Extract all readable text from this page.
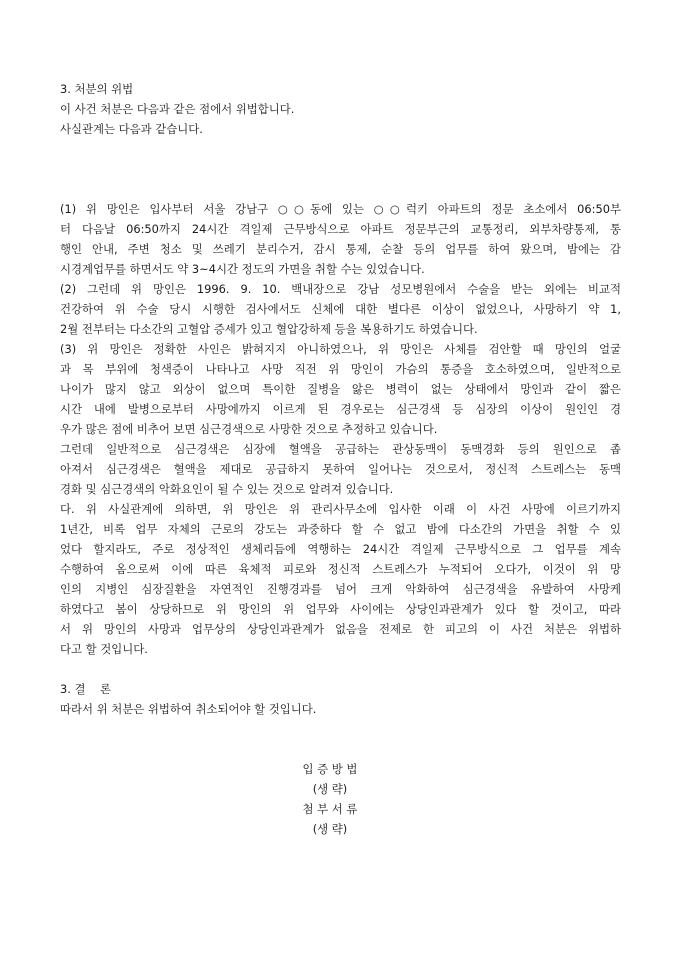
3. 처분의 위법
이 사건 처분은 다음과 같은 점에서 위법합니다.
사실관계는 다음과 같습니다.
(1) 위 망인은 입사부터 서울 강남구 ○○동에 있는 ○○럭키 아파트의 정문 초소에서 06:50부
터 다음날 06:50까지 24시간 격일제 근무방식으로 아파트 정문부근의 교통정리, 외부차량통제, 통
행인 안내, 주변 청소 및 쓰레기 분리수거, 감시 통제, 순찰 등의 업무를 하여 왔으며, 밤에는 감
시경계업무를 하면서도 약 3~4시간 정도의 가면을 취할 수는 있었습니다.
(2) 그런데 위 망인은 1996. 9. 10. 백내장으로 강남 성모병원에서 수술을 받는 외에는 비교적
건강하여 위 수술 당시 시행한 검사에서도 신체에 대한 별다른 이상이 없었으나, 사망하기 약 1,
2월 전부터는 다소간의 고혈압 증세가 있고 혈압강하제 등을 복용하기도 하였습니다.
(3) 위 망인은 정확한 사인은 밝혀지지 아니하였으나, 위 망인은 사체를 검안할 때 망인의 얼굴
과 목 부위에 청색증이 나타나고 사망 직전 위 망인이 가슴의 통증을 호소하였으며, 일반적으로
나이가 많지 않고 외상이 없으며 특이한 질병을 앓은 병력이 없는 상태에서 망인과 같이 짧은
시간 내에 발병으로부터 사망에까지 이르게 된 경우로는 심근경색 등 심장의 이상이 원인인 경
우가 많은 점에 비추어 보면 심근경색으로 사망한 것으로 추정하고 있습니다.
그런데 일반적으로 심근경색은 심장에 혈액을 공급하는 관상동맥이 동맥경화 등의 원인으로 좁
아져서 심근경색은 혈액을 제대로 공급하지 못하여 일어나는 것으로서, 정신적 스트레스는 동맥
경화 및 심근경색의 악화요인이 될 수 있는 것으로 알려져 있습니다.
다. 위 사실관계에 의하면, 위 망인은 위 관리사무소에 입사한 이래 이 사건 사망에 이르기까지
1년간, 비록 업무 자체의 근로의 강도는 과중하다 할 수 없고 밤에 다소간의 가면을 취할 수 있
었다 할지라도, 주로 정상적인 생체리듬에 역행하는 24시간 격일제 근무방식으로 그 업무를 계속
수행하여 옴으로써 이에 따른 육체적 피로와 정신적 스트레스가 누적되어 오다가, 이것이 위 망
인의 지병인 심장질환을 자연적인 진행경과를 넘어 크게 악화하여 심근경색을 유발하여 사망케
하였다고 봄이 상당하므로 위 망인의 위 업무와 사이에는 상당인과관계가 있다 할 것이고, 따라
서 위 망인의 사망과 업무상의 상당인과관계가 없음을 전제로 한 피고의 이 사건 처분은 위법하
다고 할 것입니다.
3. 결    론
따라서 위 처분은 위법하여 취소되어야 할 것입니다.
입 증 방 법
(생 략)
첨 부 서 류
(생 략)
